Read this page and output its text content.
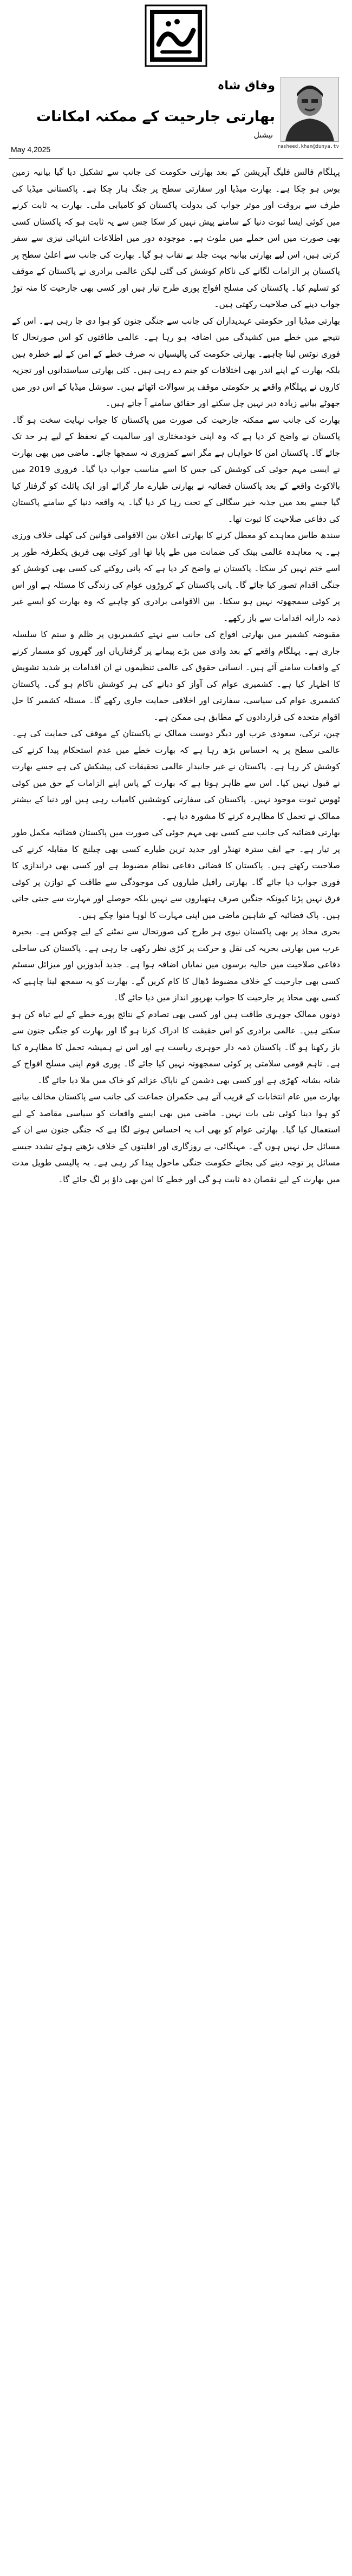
وفاق شاہ
بھارتی جارحیت کے ممکنہ امکانات
نیشنل
rasheed.khan@dunya.tv
May 4,2025

پہلگام فالس فلیگ آپریشن کے بعد بھارتی حکومت کی جانب سے تشکیل دیا گیا بیانیہ زمین بوس ہو چکا ہے۔ بھارت میڈیا اور سفارتی سطح پر جنگ ہار چکا ہے۔ پاکستانی میڈیا کی طرف سے بروقت اور موثر جواب کی بدولت پاکستان کو کامیابی ملی۔ بھارت یہ ثابت کرنے میں کوئی ایسا ثبوت دنیا کے سامنے پیش نہیں کر سکا جس سے یہ ثابت ہو کہ پاکستان کسی بھی صورت میں اس حملے میں ملوث ہے۔ موجودہ دور میں اطلاعات انتہائی تیزی سے سفر کرتی ہیں، اس لیے بھارتی بیانیہ بہت جلد بے نقاب ہو گیا۔ بھارت کی جانب سے اعلیٰ سطح پر پاکستان پر الزامات لگانے کی ناکام کوشش کی گئی لیکن عالمی برادری نے پاکستان کے موقف کو تسلیم کیا۔ پاکستان کی مسلح افواج پوری طرح تیار ہیں اور کسی بھی جارحیت کا منہ توڑ جواب دینے کی صلاحیت رکھتی ہیں۔

بھارتی میڈیا اور حکومتی عہدیداران کی جانب سے جنگی جنون کو ہوا دی جا رہی ہے۔ اس کے نتیجے میں خطے میں کشیدگی میں اضافہ ہو رہا ہے۔ عالمی طاقتوں کو اس صورتحال کا فوری نوٹس لینا چاہیے۔ بھارتی حکومت کی پالیسیاں نہ صرف خطے کے امن کے لیے خطرہ ہیں بلکہ بھارت کے اپنے اندر بھی اختلافات کو جنم دے رہی ہیں۔ کئی بھارتی سیاستدانوں اور تجزیہ کاروں نے پہلگام واقعے پر حکومتی موقف پر سوالات اٹھائے ہیں۔ سوشل میڈیا کے اس دور میں جھوٹے بیانیے زیادہ دیر نہیں چل سکتے اور حقائق سامنے آ جاتے ہیں۔

بھارت کی جانب سے ممکنہ جارحیت کی صورت میں پاکستان کا جواب نہایت سخت ہو گا۔ پاکستان نے واضح کر دیا ہے کہ وہ اپنی خودمختاری اور سالمیت کے تحفظ کے لیے ہر حد تک جائے گا۔ پاکستان امن کا خواہاں ہے مگر اسے کمزوری نہ سمجھا جائے۔ ماضی میں بھی بھارت نے ایسی مہم جوئی کی کوشش کی جس کا اسے مناسب جواب دیا گیا۔ فروری 2019 میں بالاکوٹ واقعے کے بعد پاکستان فضائیہ نے بھارتی طیارے مار گرائے اور ایک پائلٹ کو گرفتار کیا گیا جسے بعد میں جذبہ خیر سگالی کے تحت رہا کر دیا گیا۔ یہ واقعہ دنیا کے سامنے پاکستان کی دفاعی صلاحیت کا ثبوت تھا۔

سندھ طاس معاہدے کو معطل کرنے کا بھارتی اعلان بین الاقوامی قوانین کی کھلی خلاف ورزی ہے۔ یہ معاہدہ عالمی بینک کی ضمانت میں طے پایا تھا اور کوئی بھی فریق یکطرفہ طور پر اسے ختم نہیں کر سکتا۔ پاکستان نے واضح کر دیا ہے کہ پانی روکنے کی کسی بھی کوشش کو جنگی اقدام تصور کیا جائے گا۔ پانی پاکستان کے کروڑوں عوام کی زندگی کا مسئلہ ہے اور اس پر کوئی سمجھوتہ نہیں ہو سکتا۔ بین الاقوامی برادری کو چاہیے کہ وہ بھارت کو ایسے غیر ذمہ دارانہ اقدامات سے باز رکھے۔

مقبوضہ کشمیر میں بھارتی افواج کی جانب سے نہتے کشمیریوں پر ظلم و ستم کا سلسلہ جاری ہے۔ پہلگام واقعے کے بعد وادی میں بڑے پیمانے پر گرفتاریاں اور گھروں کو مسمار کرنے کے واقعات سامنے آئے ہیں۔ انسانی حقوق کی عالمی تنظیموں نے ان اقدامات پر شدید تشویش کا اظہار کیا ہے۔ کشمیری عوام کی آواز کو دبانے کی ہر کوشش ناکام ہو گی۔ پاکستان کشمیری عوام کی سیاسی، سفارتی اور اخلاقی حمایت جاری رکھے گا۔ مسئلہ کشمیر کا حل اقوام متحدہ کی قراردادوں کے مطابق ہی ممکن ہے۔

چین، ترکی، سعودی عرب اور دیگر دوست ممالک نے پاکستان کے موقف کی حمایت کی ہے۔ عالمی سطح پر یہ احساس بڑھ رہا ہے کہ بھارت خطے میں عدم استحکام پیدا کرنے کی کوشش کر رہا ہے۔ پاکستان نے غیر جانبدار عالمی تحقیقات کی پیشکش کی ہے جسے بھارت نے قبول نہیں کیا۔ اس سے ظاہر ہوتا ہے کہ بھارت کے پاس اپنے الزامات کے حق میں کوئی ٹھوس ثبوت موجود نہیں۔ پاکستان کی سفارتی کوششیں کامیاب رہی ہیں اور دنیا کے بیشتر ممالک نے تحمل کا مظاہرہ کرنے کا مشورہ دیا ہے۔

بھارتی فضائیہ کی جانب سے کسی بھی مہم جوئی کی صورت میں پاکستان فضائیہ مکمل طور پر تیار ہے۔ جے ایف سترہ تھنڈر اور جدید ترین طیارے کسی بھی چیلنج کا مقابلہ کرنے کی صلاحیت رکھتے ہیں۔ پاکستان کا فضائی دفاعی نظام مضبوط ہے اور کسی بھی دراندازی کا فوری جواب دیا جائے گا۔ بھارتی رافیل طیاروں کی موجودگی سے طاقت کے توازن پر کوئی فرق نہیں پڑتا کیونکہ جنگیں صرف ہتھیاروں سے نہیں بلکہ حوصلے اور مہارت سے جیتی جاتی ہیں۔ پاک فضائیہ کے شاہین ماضی میں اپنی مہارت کا لوہا منوا چکے ہیں۔

بحری محاذ پر بھی پاکستان نیوی ہر طرح کی صورتحال سے نمٹنے کے لیے چوکس ہے۔ بحیرہ عرب میں بھارتی بحریہ کی نقل و حرکت پر کڑی نظر رکھی جا رہی ہے۔ پاکستان کی ساحلی دفاعی صلاحیت میں حالیہ برسوں میں نمایاں اضافہ ہوا ہے۔ جدید آبدوزیں اور میزائل سسٹم کسی بھی جارحیت کے خلاف مضبوط ڈھال کا کام کریں گے۔ بھارت کو یہ سمجھ لینا چاہیے کہ کسی بھی محاذ پر جارحیت کا جواب بھرپور انداز میں دیا جائے گا۔

دونوں ممالک جوہری طاقت ہیں اور کسی بھی تصادم کے نتائج پورے خطے کے لیے تباہ کن ہو سکتے ہیں۔ عالمی برادری کو اس حقیقت کا ادراک کرنا ہو گا اور بھارت کو جنگی جنون سے باز رکھنا ہو گا۔ پاکستان ذمہ دار جوہری ریاست ہے اور اس نے ہمیشہ تحمل کا مظاہرہ کیا ہے۔ تاہم قومی سلامتی پر کوئی سمجھوتہ نہیں کیا جائے گا۔ پوری قوم اپنی مسلح افواج کے شانہ بشانہ کھڑی ہے اور کسی بھی دشمن کے ناپاک عزائم کو خاک میں ملا دیا جائے گا۔

بھارت میں عام انتخابات کے قریب آتے ہی حکمران جماعت کی جانب سے پاکستان مخالف بیانیے کو ہوا دینا کوئی نئی بات نہیں۔ ماضی میں بھی ایسے واقعات کو سیاسی مقاصد کے لیے استعمال کیا گیا۔ بھارتی عوام کو بھی اب یہ احساس ہونے لگا ہے کہ جنگی جنون سے ان کے مسائل حل نہیں ہوں گے۔ مہنگائی، بے روزگاری اور اقلیتوں کے خلاف بڑھتے ہوئے تشدد جیسے مسائل پر توجہ دینے کی بجائے حکومت جنگی ماحول پیدا کر رہی ہے۔ یہ پالیسی طویل مدت میں بھارت کے لیے نقصان دہ ثابت ہو گی اور خطے کا امن بھی داؤ پر لگ جائے گا۔
